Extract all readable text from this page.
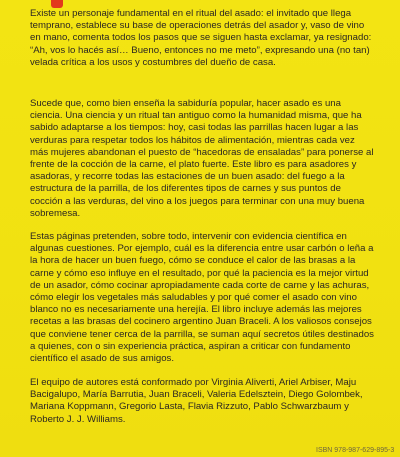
Existe un personaje fundamental en el ritual del asado: el invitado que llega temprano, establece su base de operaciones detrás del asador y, vaso de vino en mano, comenta todos los pasos que se siguen hasta exclamar, ya resignado: “Ah, vos lo hacés así… Bueno, entonces no me meto”, expresando una (no tan) velada crítica a los usos y costumbres del dueño de casa.

Sucede que, como bien enseña la sabiduría popular, hacer asado es una ciencia. Una ciencia y un ritual tan antiguo como la humanidad misma, que ha sabido adaptarse a los tiempos: hoy, casi todas las parrillas hacen lugar a las verduras para respetar todos los hábitos de alimentación, mientras cada vez más mujeres abandonan el puesto de “hacedoras de ensaladas” para ponerse al frente de la cocción de la carne, el plato fuerte. Este libro es para asadores y asadoras, y recorre todas las estaciones de un buen asado: del fuego a la estructura de la parrilla, de los diferentes tipos de carnes y sus puntos de cocción a las verduras, del vino a los juegos para terminar con una muy buena sobremesa.

Estas páginas pretenden, sobre todo, intervenir con evidencia científica en algunas cuestiones. Por ejemplo, cuál es la diferencia entre usar carbón o leña a la hora de hacer un buen fuego, cómo se conduce el calor de las brasas a la carne y cómo eso influye en el resultado, por qué la paciencia es la mejor virtud de un asador, cómo cocinar apropiadamente cada corte de carne y las achuras, cómo elegir los vegetales más saludables y por qué comer el asado con vino blanco no es necesariamente una herejía. El libro incluye además las mejores recetas a las brasas del cocinero argentino Juan Braceli. A los valiosos consejos que conviene tener cerca de la parrilla, se suman aquí secretos útiles destinados a quienes, con o sin experiencia práctica, aspiran a criticar con fundamento científico el asado de sus amigos.

El equipo de autores está conformado por Virginia Aliverti, Ariel Arbiser, Maju Bacigalupo, María Barrutia, Juan Braceli, Valeria Edelsztein, Diego Golombek, Mariana Koppmann, Gregorio Lasta, Flavia Rizzuto, Pablo Schwarzbaum y Roberto J. J. Williams.

ISBN 978-987-629-895-3
